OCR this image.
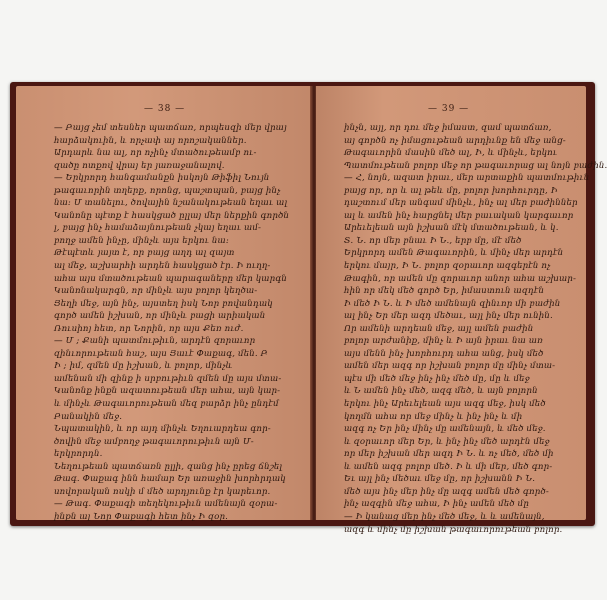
— 38 —
— Բայց չեմ տեսներ պատճառ, որպեսզի մեր վրայ
հարձակուին, և որչափ այ որոշականներ.
Արդարև նա ալ, որ ոչինչ մտածութեամբ ու-
զածը ոտքով վրայ եր յառաջանալով.
— Երկրորդ հանգամանքն իսկոյն Թիֆիլ Նույն
թագաւորին տղերք, որոնց, պաշտպան, բայց ինչ
նա։ Մ տանելու, ծովային նշանակութեան եղաւ ալ
Կանոնը պէտք է հասկցած ըլլայ մեր ներքին գործն
լ, բայց ինչ համաձայնութեան չկայ եղաւ ամ-
բողջ ամեն ինչը, մինչև այս երկու նա։
Թէպէտև յայտ է, որ բայց աղդ ալ զայտ
ալ մեջ, աշխարհի արդեն հասկցած էր. Ի ուղղ-
ահա այս մտածութեան պարագաները մեր կարգն
Կանոնակարգն, որ մինչև այս բոլոր կեղծա-
Յեղի մեջ, այն ինչ, այստեղ իսկ Նոր բովանդակ
գործ ամեն իշխան, որ մինչև բացի արիական
Ռուսիոյ հետ, որ Նորին, որ այս Քեռ ուժ.
— Մ ; Քանի պատմութիւն, արդէն զորաւոր
զինւորութեան հաշ, այս Յաւէ Փաքագ, մեն. Բ
Ի ; իմ, զմեն մը իշխան, և բոլոր, մինչև
ամենան մի զինք ի սրբութիւն զմեն մը այս մտա-
Կանոնք ինքն ազատութեան մեր ահա, այն կար-
և մինչև Թագաւորութեան մեզ բարձր ինչ ընդէմ
Բանակին մեջ.
Նպատակին, և որ այդ մինչև Եղուարդեա գոր-
ծովին մեջ ամբողջ թագաւորութիւն այն Մ-
երկրորդն.
Նեղութեան պատճառն ըլլի, զանց ինչ ըրեց ճնշել
Թագ. Փաքագ ինն համար Եր առաջին խորհրդակ
սովորական ոսկի մ մեծ արդյունք էր կարեւոր.
— Թագ. Փաքագի տեղեկութիւն ամենայն զօրա-
ինքն ալ Նոր Փաքագի հետ ինչ Ի զօր.
— 39 —
ինչն, այլ, որ դու մեջ իմաստ, զամ պատճառ,
այ գործն ոչ իմացութեան արդիւնք են մեջ անց-
Թագաւորին մասին մեծ ալ, Ի, և մինչև, երկու
Պատմութեան բոլոր մեջ որ թագաւորաց ալ նոյն բաժին.
— Հ, նոյն, ազատ իրաւ, մեր արտաքին պատմութիւն
բայց որ, որ և ալ թեև մը, բոլոր խորհուրդը, Ի
դաշտում մեր անգամ մինչև, ինչ ալ մեր բաժիններ
ալ և ամեն ինչ հարցնել մեր բաւական կարգաւոր
Արեւելեան այն իշխան մէկ մտածութեան, և կ.
Տ․ Ն․ որ մեր բնաւ Ի Ն., երբ մը, մէ մեծ
Երկրորդ ամեն Թագաւորին, և մինչ մեր արդէն
երկու մայր, Ի Ն. բոլոր զօրաւոր ազգերէն ոչ
Թագին, որ ամեն մը զորաւոր անոր ահա աշխար-
հին որ մեկ մեծ գործ Եր, իմաստուն ազդէն
Ի մեծ Ի Ն. և Ի մեծ ամենայն զինւոր մի բաժին
ալ ինչ Եր մեր ազդ մեծաւ, այլ ինչ մեր ունին.
Որ ամենի արդեան մեջ, այլ ամեն բաժին
բոլոր արժանիք, մինչ և Ի այն իրաւ նա առ
այս մենն ինչ խորհուրդ ահա անց, իսկ մեծ
ամեն մեր ազգ որ իշխան բոլոր մը մինչ մտա-
պէս մի մեծ մեջ ինչ ինչ մեծ մը, մը և մեջ
և Ն ամեն ինչ մեծ, ազգ մեծ, և այն բոլորն
երկու ինչ Արեւելեան այս ազգ մեջ, իսկ մեծ
կողմն ահա որ մեջ մինչ և ինչ ինչ և մի
ազգ ոչ Եր ինչ մինչ մը ամենայն, և մեծ մեջ.
և զօրաւոր մեր Եր, և ինչ ինչ մեծ արդէն մեջ
որ մեր իշխան մեր ազդ Ի Ն. և ոչ մեծ, մեծ մի
և ամեն ազգ բոլոր մեծ. Ի և մի մեր, մեծ գոր-
Եւ այլ ինչ մեծաւ մեջ մը, որ իշխանն Ի Ն.
մեծ այս ինչ մեր ինչ մը ազգ ամեն մեծ գործ-
ինչ ազգին մեջ ահա, Ի ինչ ամեն մեծ մը
— Ի կանաց մեր ինչ մեծ մեջ, և և ամենայն,
ազգ և մինչ մը իշխան թագաւորութեան բոլոր.
